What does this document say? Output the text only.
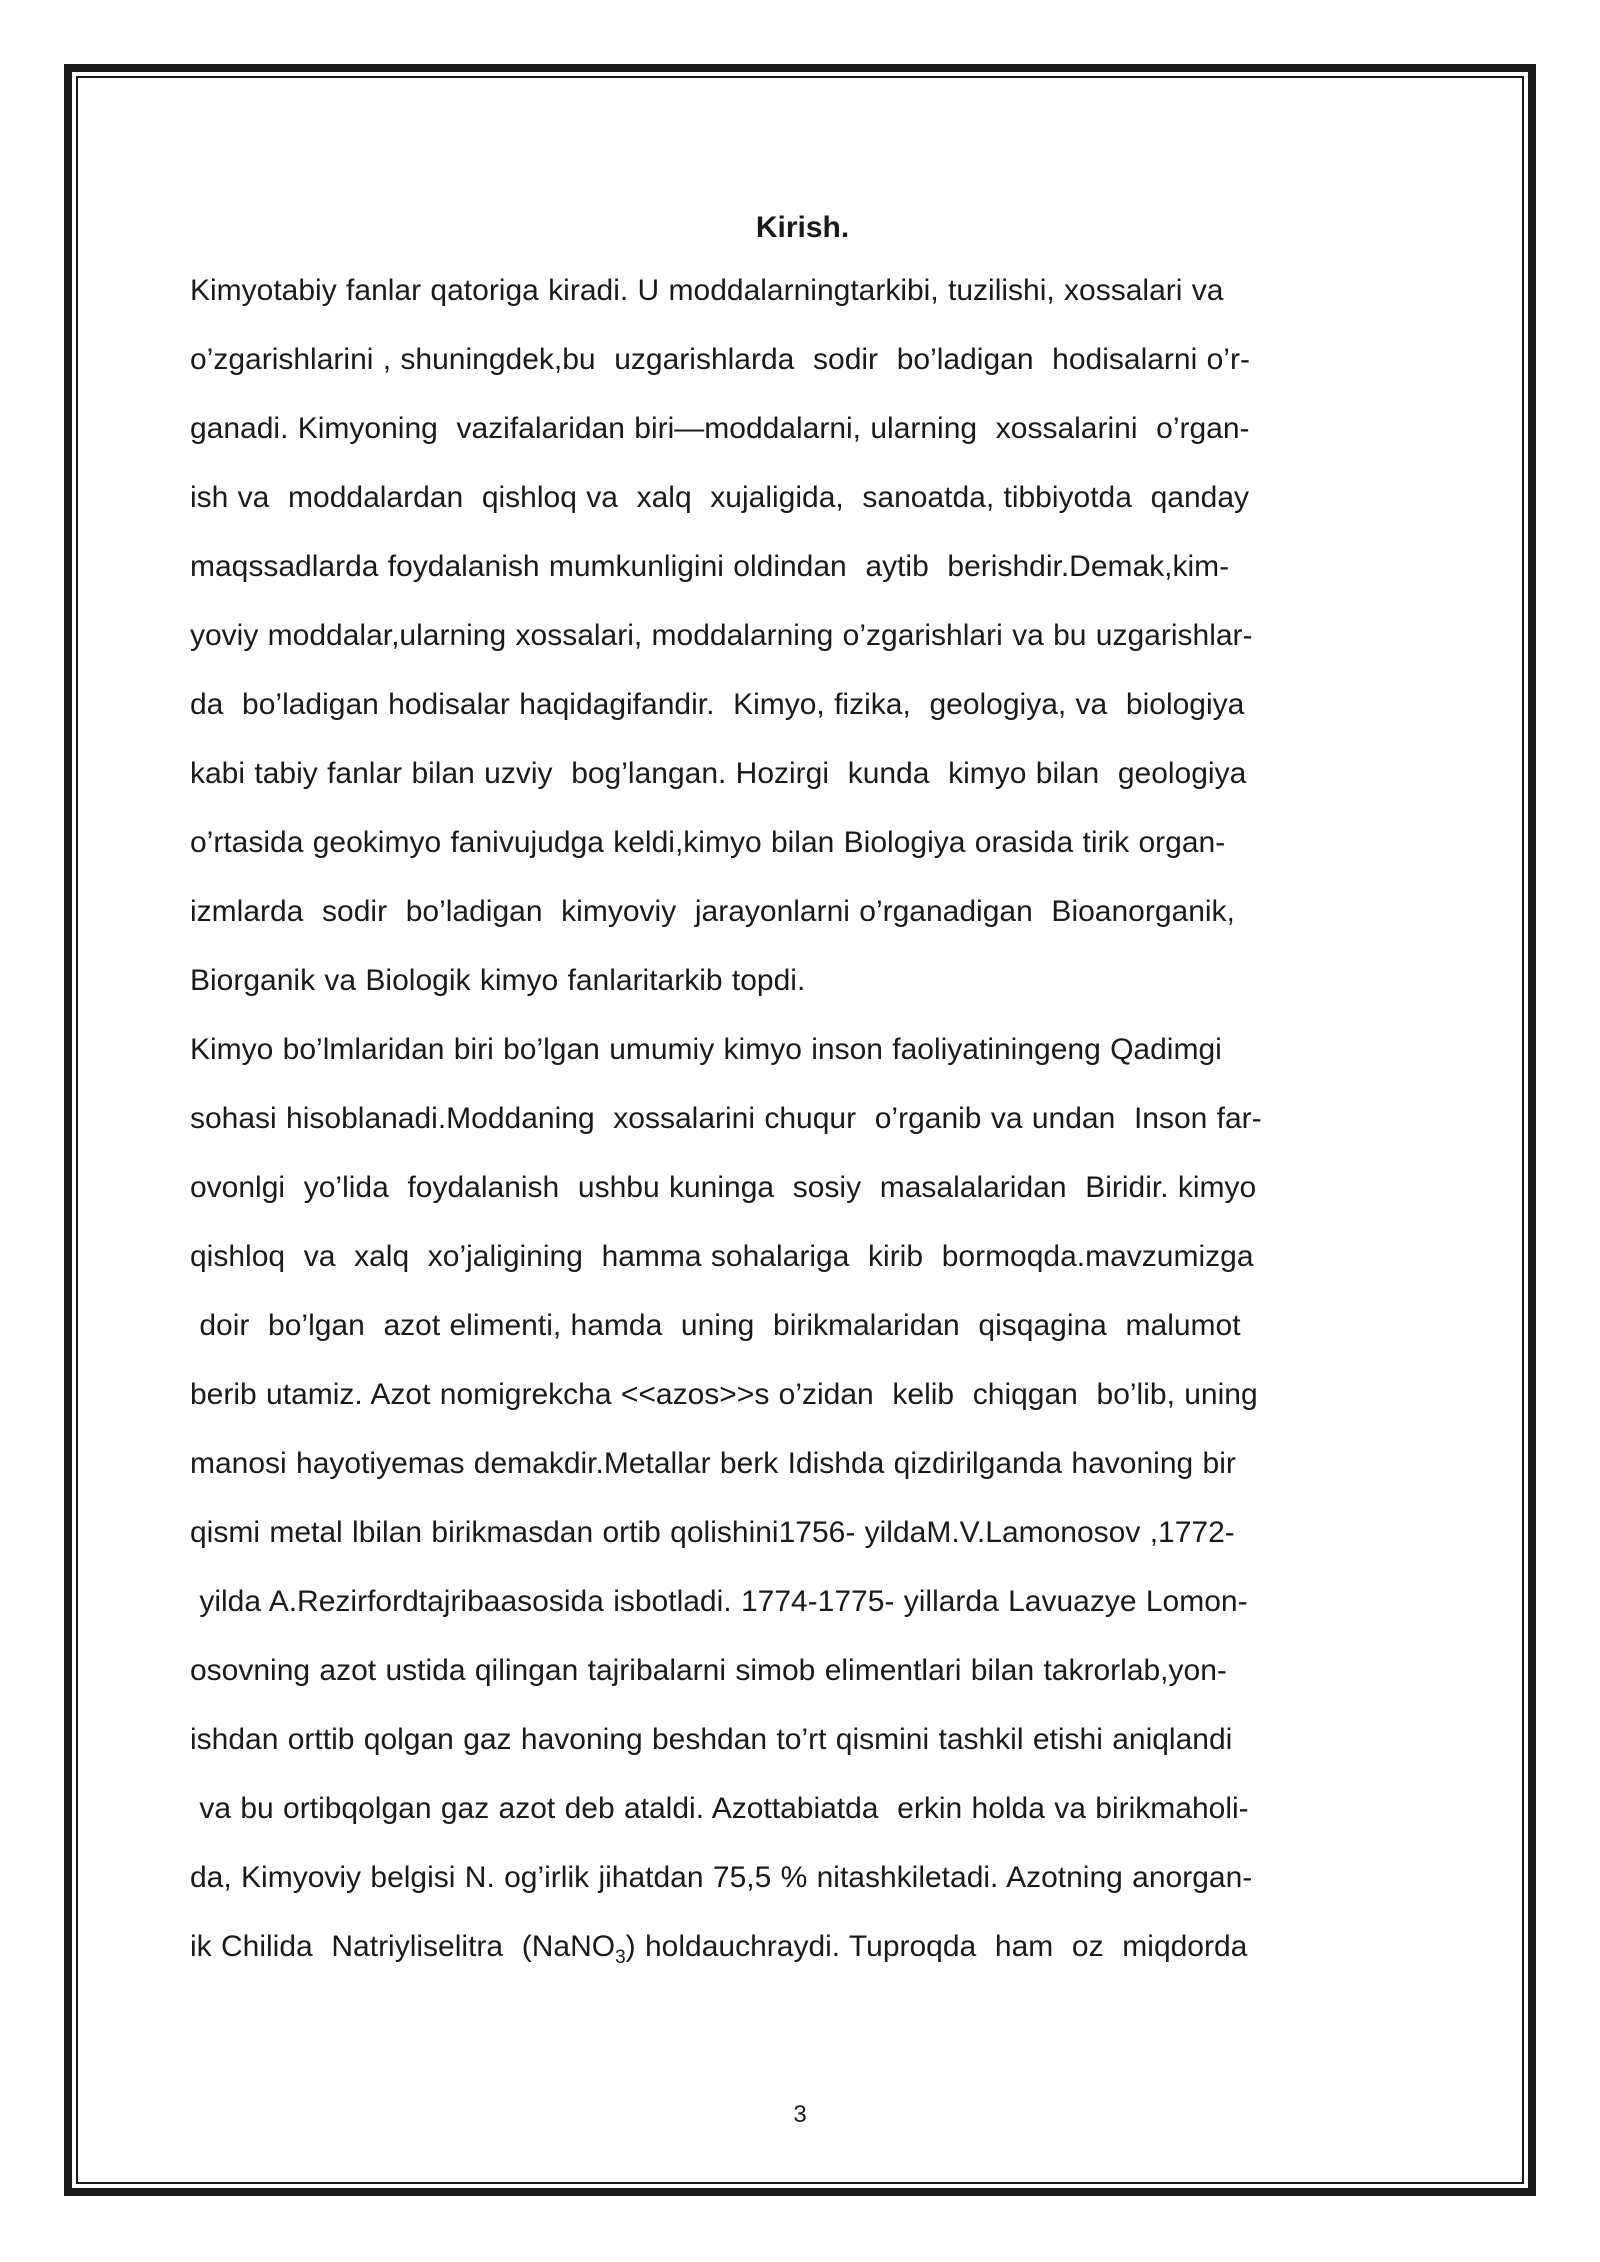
Kirish.
Kimyotabiy fanlar qatoriga kiradi. U moddalarningtarkibi, tuzilishi, xossalari va
o’zgarishlarini , shuningdek,bu  uzgarishlarda  sodir  bo’ladigan  hodisalarni o’r-
ganadi. Kimyoning  vazifalaridan biri—moddalarni, ularning  xossalarini  o’rgan-
ish va  moddalardan  qishloq va  xalq  xujaligida,  sanoatda, tibbiyotda  qanday
maqssadlarda foydalanish mumkunligini oldindan  aytib  berishdir.Demak,kim-
yoviy moddalar,ularning xossalari, moddalarning o’zgarishlari va bu uzgarishlar-
da  bo’ladigan hodisalar haqidagifandir.  Kimyo, fizika,  geologiya, va  biologiya
kabi tabiy fanlar bilan uzviy  bog’langan. Hozirgi  kunda  kimyo bilan  geologiya
o’rtasida geokimyo fanivujudga keldi,kimyo bilan Biologiya orasida tirik organ-
izmlarda  sodir  bo’ladigan  kimyoviy  jarayonlarni o’rganadigan  Bioanorganik,
Biorganik va Biologik kimyo fanlaritarkib topdi.
Kimyo bo’lmlaridan biri bo’lgan umumiy kimyo inson faoliyatiningeng Qadimgi
sohasi hisoblanadi.Moddaning  xossalarini chuqur  o’rganib va undan  Inson far-
ovonlgi  yo’lida  foydalanish  ushbu kuninga  sosiy  masalalaridan  Biridir. kimyo
qishloq  va  xalq  xo’jaligining  hamma sohalariga  kirib  bormoqda.mavzumizga
doir  bo’lgan  azot elimenti, hamda  uning  birikmalaridan  qisqagina  malumot
berib utamiz. Azot nomigrekcha <<azos>>s o’zidan  kelib  chiqgan  bo’lib, uning
manosi hayotiyemas demakdir.Metallar berk Idishda qizdirilganda havoning bir
qismi metal lbilan birikmasdan ortib qolishini1756- yildaM.V.Lamonosov ,1772-
yilda A.Rezirfordtajribaasosida isbotladi. 1774-1775- yillarda Lavuazye Lomon-
osovning azot ustida qilingan tajribalarni simob elimentlari bilan takrorlab,yon-
ishdan orttib qolgan gaz havoning beshdan to’rt qismini tashkil etishi aniqlandi
va bu ortibqolgan gaz azot deb ataldi. Azottabiatda  erkin holda va birikmaholi-
da, Kimyoviy belgisi N. og’irlik jihatdan 75,5 % nitashkiletadi. Azotning anorgan-
ik Chilida  Natriyliselitra  (NaNO$_3$) holdauchraydi. Tuproqda  ham  oz  miqdorda
3
